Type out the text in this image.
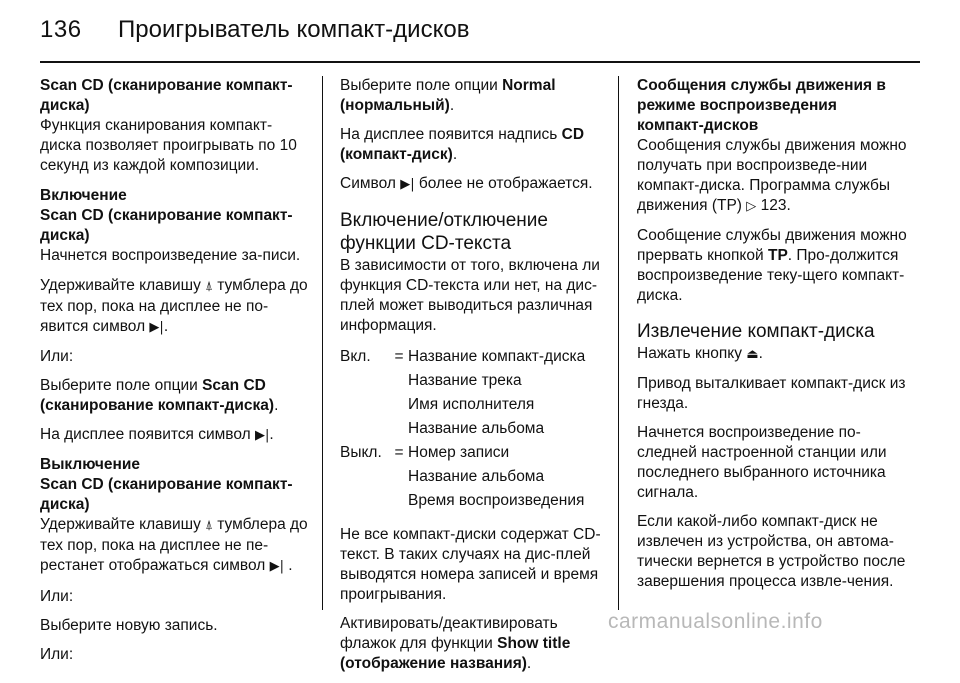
136 Проигрыватель компакт-дисков
Scan CD (сканирование компакт-диска)
Функция сканирования компакт-диска позволяет проигрывать по 10 секунд из каждой композиции.
Включение
Scan CD (сканирование компакт-диска)
Начнется воспроизведение за-писи.

Удерживайте клавишу ⍋ тумблера до тех пор, пока на дисплее не по-явится символ ▶|.

Или:

Выберите поле опции Scan CD (сканирование компакт-диска).

На дисплее появится символ ▶|.

Выключение
Scan CD (сканирование компакт-диска)
Удерживайте клавишу ⍋ тумблера до тех пор, пока на дисплее не пе-рестанет отображаться символ ▶| .

Или:

Выберите новую запись.

Или:

Выберите поле опции Normal (нормальный).

На дисплее появится надпись CD (компакт-диск).

Символ ▶| более не отображается.

Включение/отключение функции CD-текста

В зависимости от того, включена ли функция CD-текста или нет, на дис-плей может выводиться различная информация.

Вкл.	= Название компакт-диска
Название трека
Имя исполнителя
Название альбома
Выкл. = Номер записи
Название альбома
Время воспроизведения

Не все компакт-диски содержат CD-текст. В таких случаях на дис-плей выводятся номера записей и время проигрывания.

Активировать/деактивировать флажок для функции Show title (отображение названия).

Сообщения службы движения в режиме воспроизведения компакт-дисков

Сообщения службы движения можно получать при воспроизведе-нии компакт-диска. Программа службы движения (TP) ▷ 123.

Сообщение службы движения можно прервать кнопкой TP. Про-должится воспроизведение теку-щего компакт-диска.

Извлечение компакт-диска

Нажать кнопку ⏏.

Привод выталкивает компакт-диск из гнезда.

Начнется воспроизведение по-следней настроенной станции или последнего выбранного источника сигнала.

Если какой-либо компакт-диск не извлечен из устройства, он автома-тически вернется в устройство после завершения процесса извле-чения.

carmanualsonline.info
